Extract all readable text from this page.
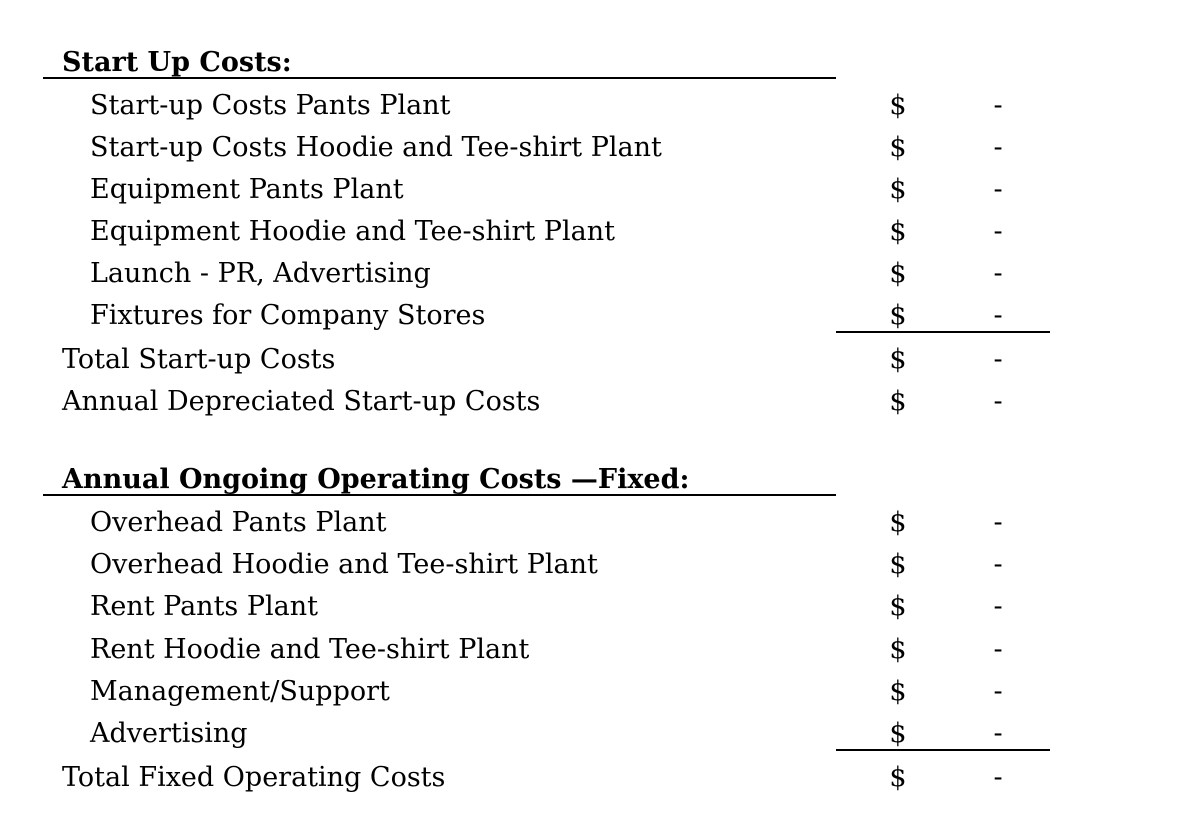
Start Up Costs:
Start-up Costs Pants Plant	$	-
Start-up Costs Hoodie and Tee-shirt Plant	$	-
Equipment Pants Plant	$	-
Equipment Hoodie and Tee-shirt Plant	$	-
Launch - PR, Advertising	$	-
Fixtures for Company Stores	$	-
Total Start-up Costs	$	-
Annual Depreciated Start-up Costs	$	-
Annual Ongoing Operating Costs —Fixed:
Overhead Pants Plant	$	-
Overhead Hoodie and Tee-shirt Plant	$	-
Rent Pants Plant	$	-
Rent Hoodie and Tee-shirt Plant	$	-
Management/Support	$	-
Advertising	$	-
Total Fixed Operating Costs	$	-
